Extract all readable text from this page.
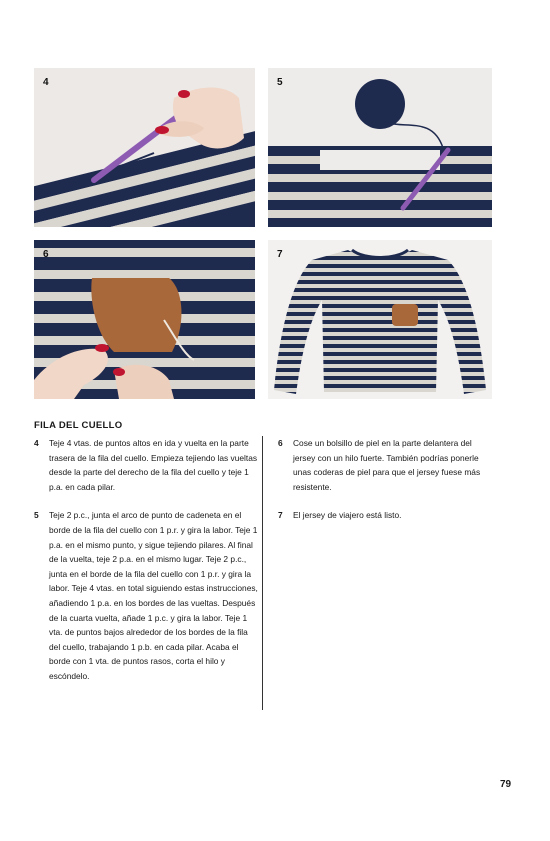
4	5
6	7
FILA DEL CUELLO
4	Teje 4 vtas. de puntos altos en ida y vuelta en la parte trasera de la fila del cuello. Empieza tejiendo las vueltas desde la parte del derecho de la fila del cuello y teje 1 p.a. en cada pilar.
5	Teje 2 p.c., junta el arco de punto de cadeneta en el borde de la fila del cuello con 1 p.r. y gira la labor. Teje 1 p.a. en el mismo punto, y sigue tejiendo pilares. Al final de la vuelta, teje 2 p.a. en el mismo lugar. Teje 2 p.c., junta en el borde de la fila del cuello con 1 p.r. y gira la labor. Teje 4 vtas. en total siguiendo estas instrucciones, añadiendo 1 p.a. en los bordes de las vueltas. Después de la cuarta vuelta, añade 1 p.c. y gira la labor. Teje 1 vta. de puntos bajos alrededor de los bordes de la fila del cuello, trabajando 1 p.b. en cada pilar. Acaba el borde con 1 vta. de puntos rasos, corta el hilo y escóndelo.
6	Cose un bolsillo de piel en la parte delantera del jersey con un hilo fuerte. También podrías ponerle unas coderas de piel para que el jersey fuese más resistente.
7	El jersey de viajero está listo.
79
